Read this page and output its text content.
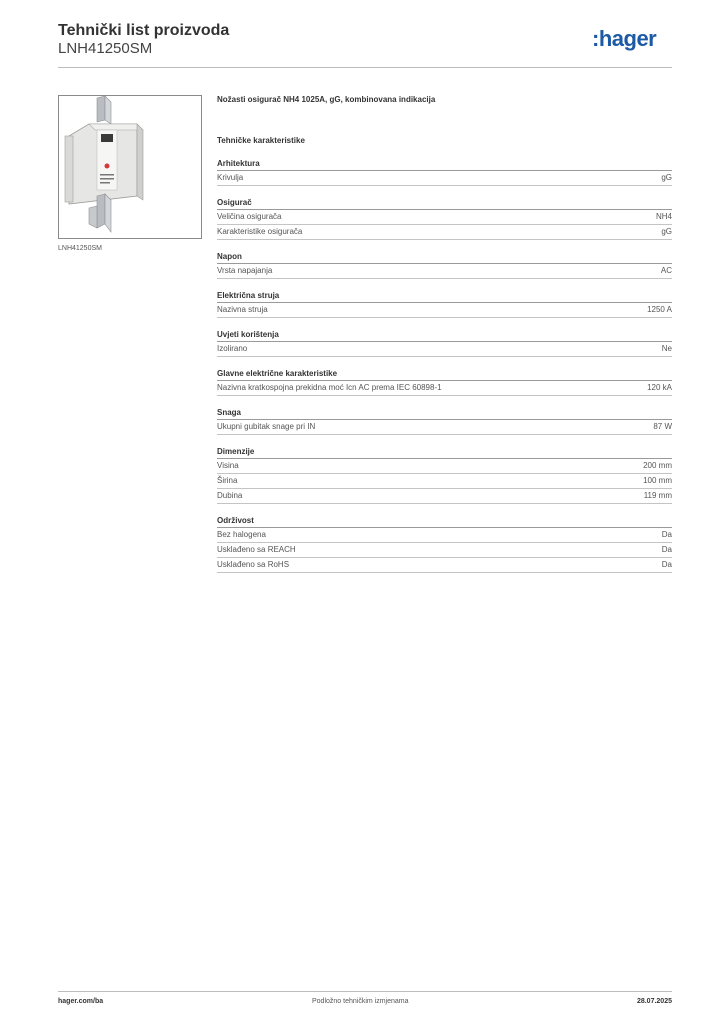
Tehnički list proizvoda
LNH41250SM	:hager
LNH41250SM
Nožasti osigurač NH4 1025A, gG, kombinovana indikacija
Tehničke karakteristike
Arhitektura
Krivulja	gG
Osigurač
Veličina osigurača	NH4
Karakteristike osigurača	gG
Napon
Vrsta napajanja	AC
Električna struja
Nazivna struja	1250 A
Uvjeti korištenja
Izolirano	Ne
Glavne električne karakteristike
Nazivna kratkospojna prekidna moć Icn AC prema IEC 60898-1	120 kA
Snaga
Ukupni gubitak snage pri IN	87 W
Dimenzije
Visina	200 mm
Širina	100 mm
Dubina	119 mm
Održivost
Bez halogena	Da
Usklađeno sa REACH	Da
Usklađeno sa RoHS	Da
hager.com/ba	Podložno tehničkim izmjenama	28.07.2025
